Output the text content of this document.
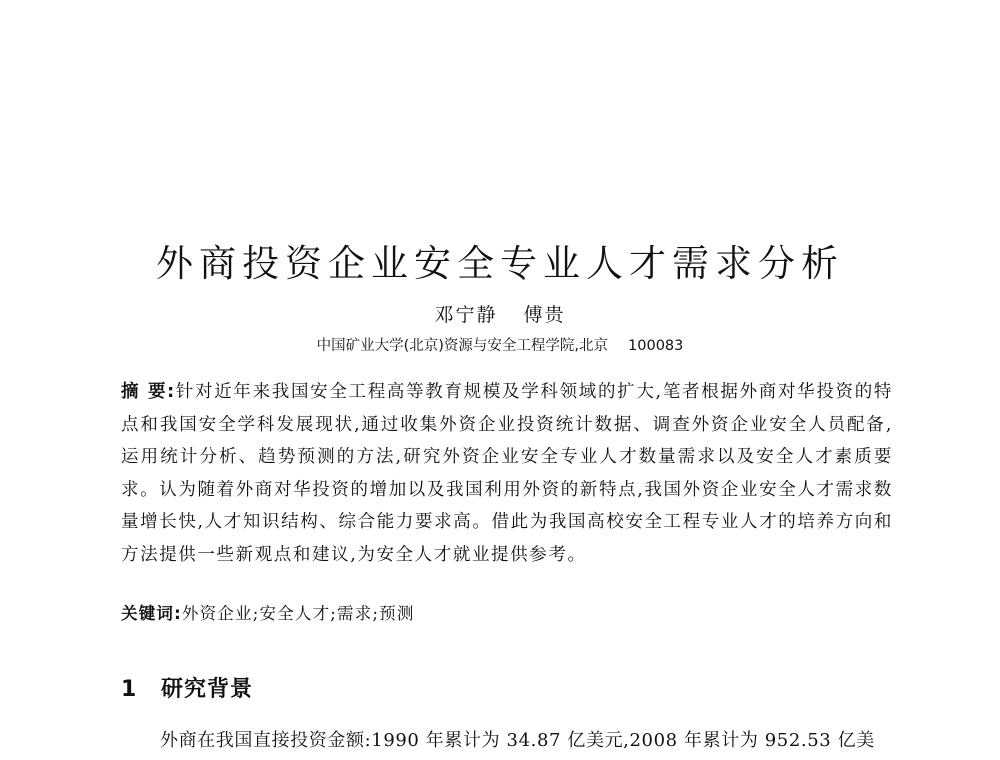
外商投资企业安全专业人才需求分析
邓宁静 傅贵
中国矿业大学(北京)资源与安全工程学院,北京 100083

摘 要:针对近年来我国安全工程高等教育规模及学科领域的扩大,笔者根据外商对华投资的特点和我国安全学科发展现状,通过收集外资企业投资统计数据、调查外资企业安全人员配备,运用统计分析、趋势预测的方法,研究外资企业安全专业人才数量需求以及安全人才素质要求。认为随着外商对华投资的增加以及我国利用外资的新特点,我国外资企业安全人才需求数量增长快,人才知识结构、综合能力要求高。借此为我国高校安全工程专业人才的培养方向和方法提供一些新观点和建议,为安全人才就业提供参考。

关键词:外资企业;安全人才;需求;预测
1 研究背景
外商在我国直接投资金额:1990 年累计为 34.87 亿美元,2008 年累计为 952.53 亿美
